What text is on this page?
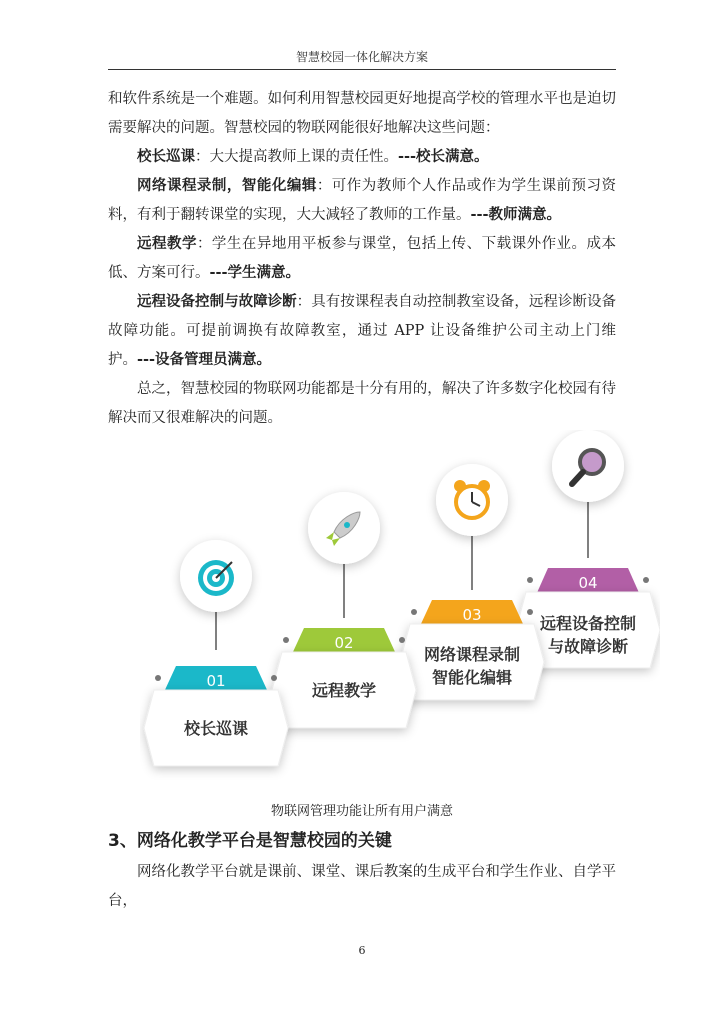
智慧校园一体化解决方案

和软件系统是一个难题。如何利用智慧校园更好地提高学校的管理水平也是迫切需要解决的问题。智慧校园的物联网能很好地解决这些问题：

校长巡课：大大提高教师上课的责任性。---校长满意。

网络课程录制，智能化编辑：可作为教师个人作品或作为学生课前预习资料，有利于翻转课堂的实现，大大减轻了教师的工作量。---教师满意。

远程教学：学生在异地用平板参与课堂，包括上传、下载课外作业。成本低、方案可行。---学生满意。

远程设备控制与故障诊断：具有按课程表自动控制教室设备，远程诊断设备故障功能。可提前调换有故障教室，通过 APP 让设备维护公司主动上门维护。---设备管理员满意。

总之，智慧校园的物联网功能都是十分有用的，解决了许多数字化校园有待解决而又很难解决的问题。

04
远程设备控制
与故障诊断
03
网络课程录制
智能化编辑
02
远程教学
01
校长巡课
物联网管理功能让所有用户满意
3、网络化教学平台是智慧校园的关键

网络化教学平台就是课前、课堂、课后教案的生成平台和学生作业、自学平台，

6
